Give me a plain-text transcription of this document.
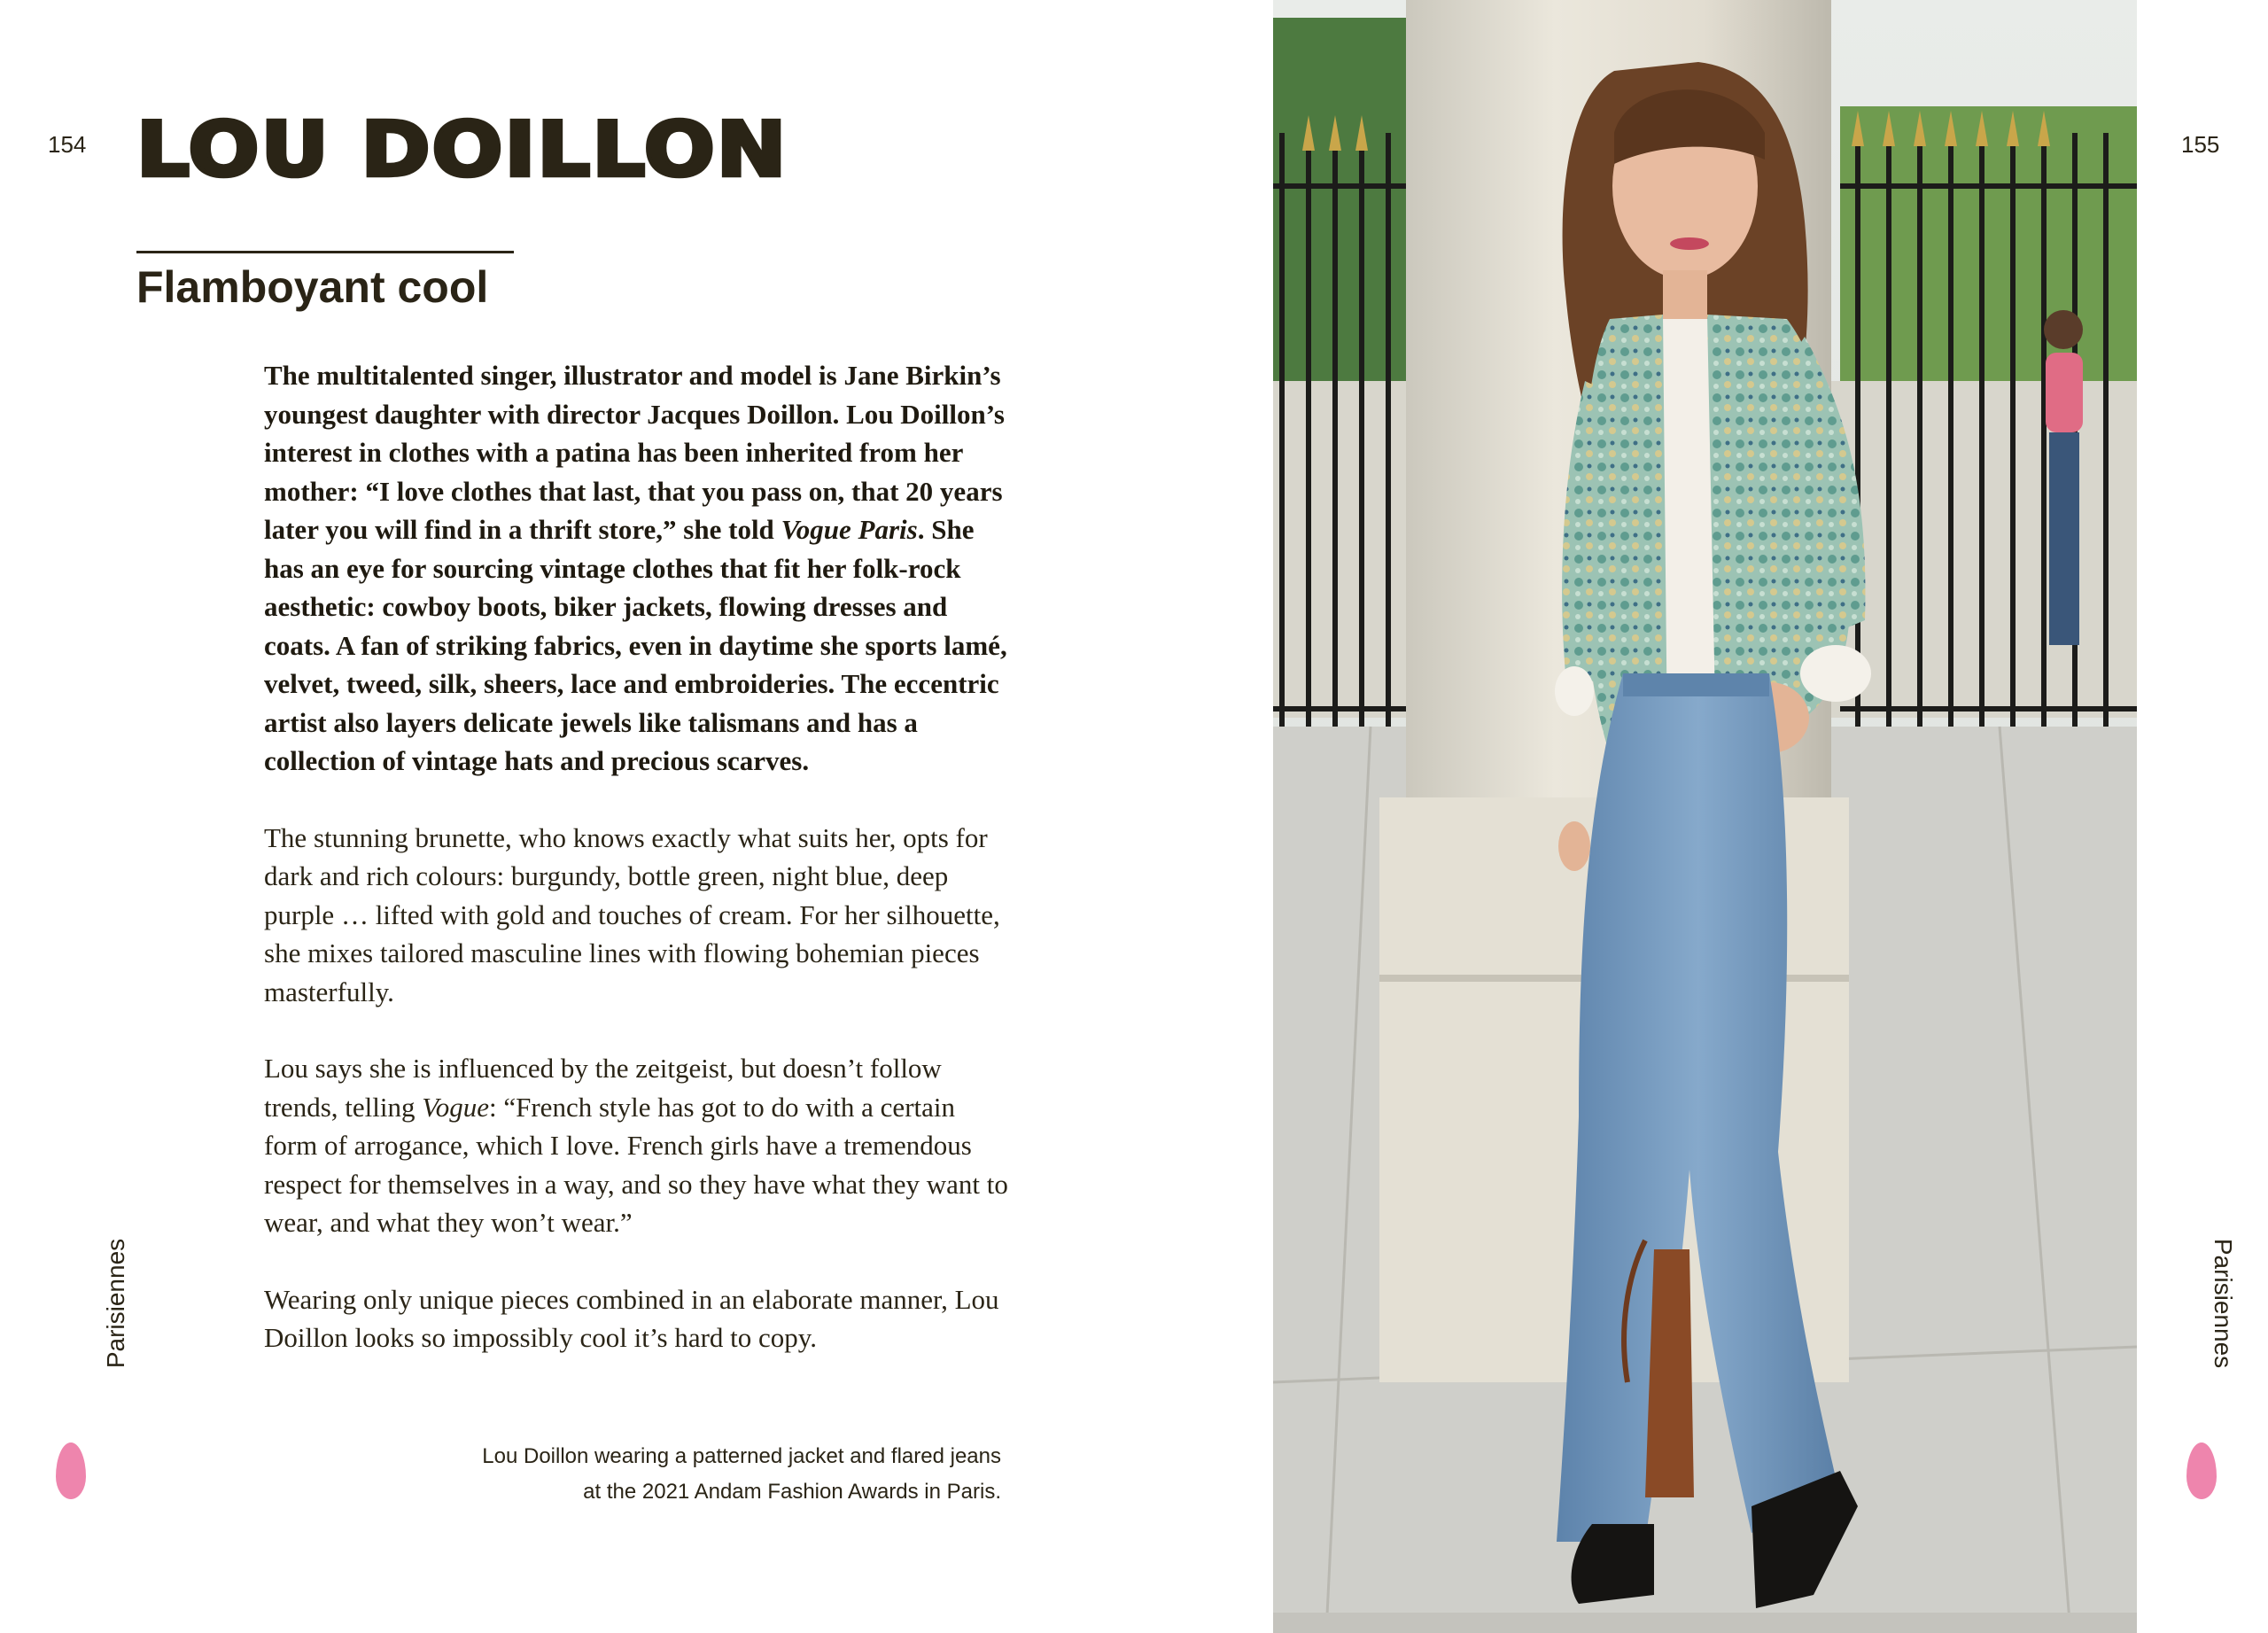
154 LOU DOILLON
Flamboyant cool

The multitalented singer, illustrator and model is Jane Birkin’s youngest daughter with director Jacques Doillon. Lou Doillon’s interest in clothes with a patina has been inherited from her mother: “I love clothes that last, that you pass on, that 20 years later you will find in a thrift store,” she told Vogue Paris. She has an eye for sourcing vintage clothes that fit her folk-rock aesthetic: cowboy boots, biker jackets, flowing dresses and coats. A fan of striking fabrics, even in daytime she sports lamé, velvet, tweed, silk, sheers, lace and embroideries. The eccentric artist also layers delicate jewels like talismans and has a collection of vintage hats and precious scarves.

The stunning brunette, who knows exactly what suits her, opts for dark and rich colours: burgundy, bottle green, night blue, deep purple … lifted with gold and touches of cream. For her silhouette, she mixes tailored masculine lines with flowing bohemian pieces masterfully.

Lou says she is influenced by the zeitgeist, but doesn’t follow trends, telling Vogue: “French style has got to do with a certain form of arrogance, which I love. French girls have a tremendous respect for themselves in a way, and so they have what they want to wear, and what they won’t wear.”

Wearing only unique pieces combined in an elaborate manner, Lou Doillon looks so impossibly cool it’s hard to copy.

Lou Doillon wearing a patterned jacket and flared jeans
at the 2021 Andam Fashion Awards in Paris.
Parisiennes
155
Parisiennes
